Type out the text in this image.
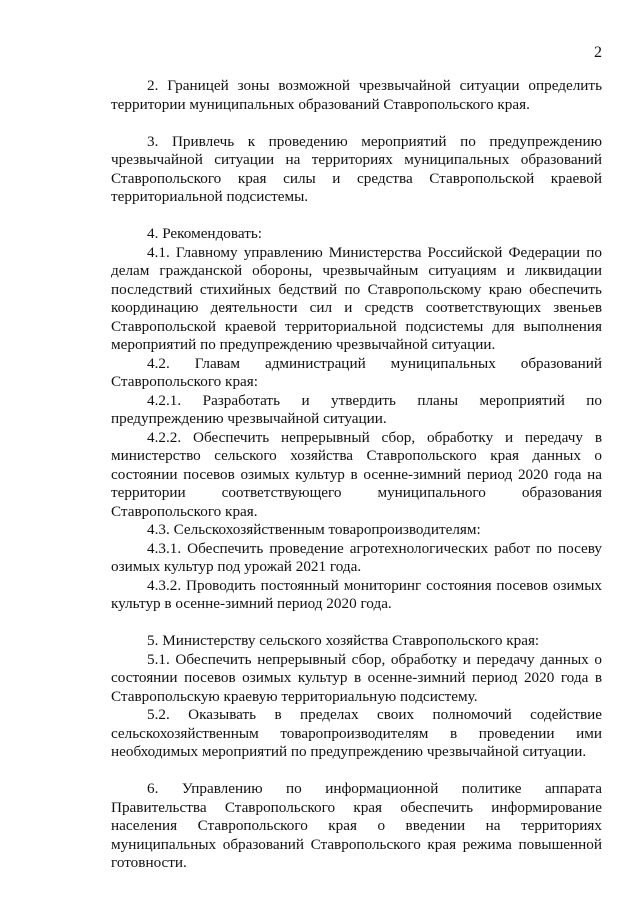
2

2. Границей зоны возможной чрезвычайной ситуации определить территории муниципальных образований Ставропольского края.

3. Привлечь к проведению мероприятий по предупреждению чрезвычайной ситуации на территориях муниципальных образований Ставропольского края силы и средства Ставропольской краевой территориальной подсистемы.

4. Рекомендовать:

4.1. Главному управлению Министерства Российской Федерации по делам гражданской обороны, чрезвычайным ситуациям и ликвидации последствий стихийных бедствий по Ставропольскому краю обеспечить координацию деятельности сил и средств соответствующих звеньев Ставропольской краевой территориальной подсистемы для выполнения мероприятий по предупреждению чрезвычайной ситуации.

4.2. Главам администраций муниципальных образований Ставропольского края:

4.2.1. Разработать и утвердить планы мероприятий по предупреждению чрезвычайной ситуации.

4.2.2. Обеспечить непрерывный сбор, обработку и передачу в министерство сельского хозяйства Ставропольского края данных о состоянии посевов озимых культур в осенне-зимний период 2020 года на территории соответствующего муниципального образования Ставропольского края.

4.3. Сельскохозяйственным товаропроизводителям:

4.3.1. Обеспечить проведение агротехнологических работ по посеву озимых культур под урожай 2021 года.

4.3.2. Проводить постоянный мониторинг состояния посевов озимых культур в осенне-зимний период 2020 года.

5. Министерству сельского хозяйства Ставропольского края:

5.1. Обеспечить непрерывный сбор, обработку и передачу данных о состоянии посевов озимых культур в осенне-зимний период 2020 года в Ставропольскую краевую территориальную подсистему.

5.2. Оказывать в пределах своих полномочий содействие сельскохозяйственным товаропроизводителям в проведении ими необходимых мероприятий по предупреждению чрезвычайной ситуации.

6. Управлению по информационной политике аппарата Правительства Ставропольского края обеспечить информирование населения Ставропольского края о введении на территориях муниципальных образований Ставропольского края режима повышенной готовности.
